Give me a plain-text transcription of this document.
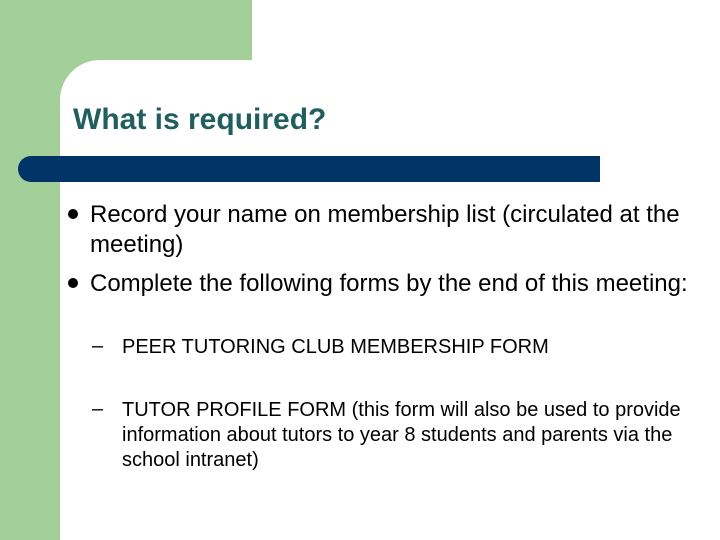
What is required?
Record your name on membership list (circulated at the meeting)
Complete the following forms by the end of this meeting:
– PEER TUTORING CLUB MEMBERSHIP FORM
– TUTOR PROFILE FORM (this form will also be used to provide information about tutors to year 8 students and parents via the school intranet)
